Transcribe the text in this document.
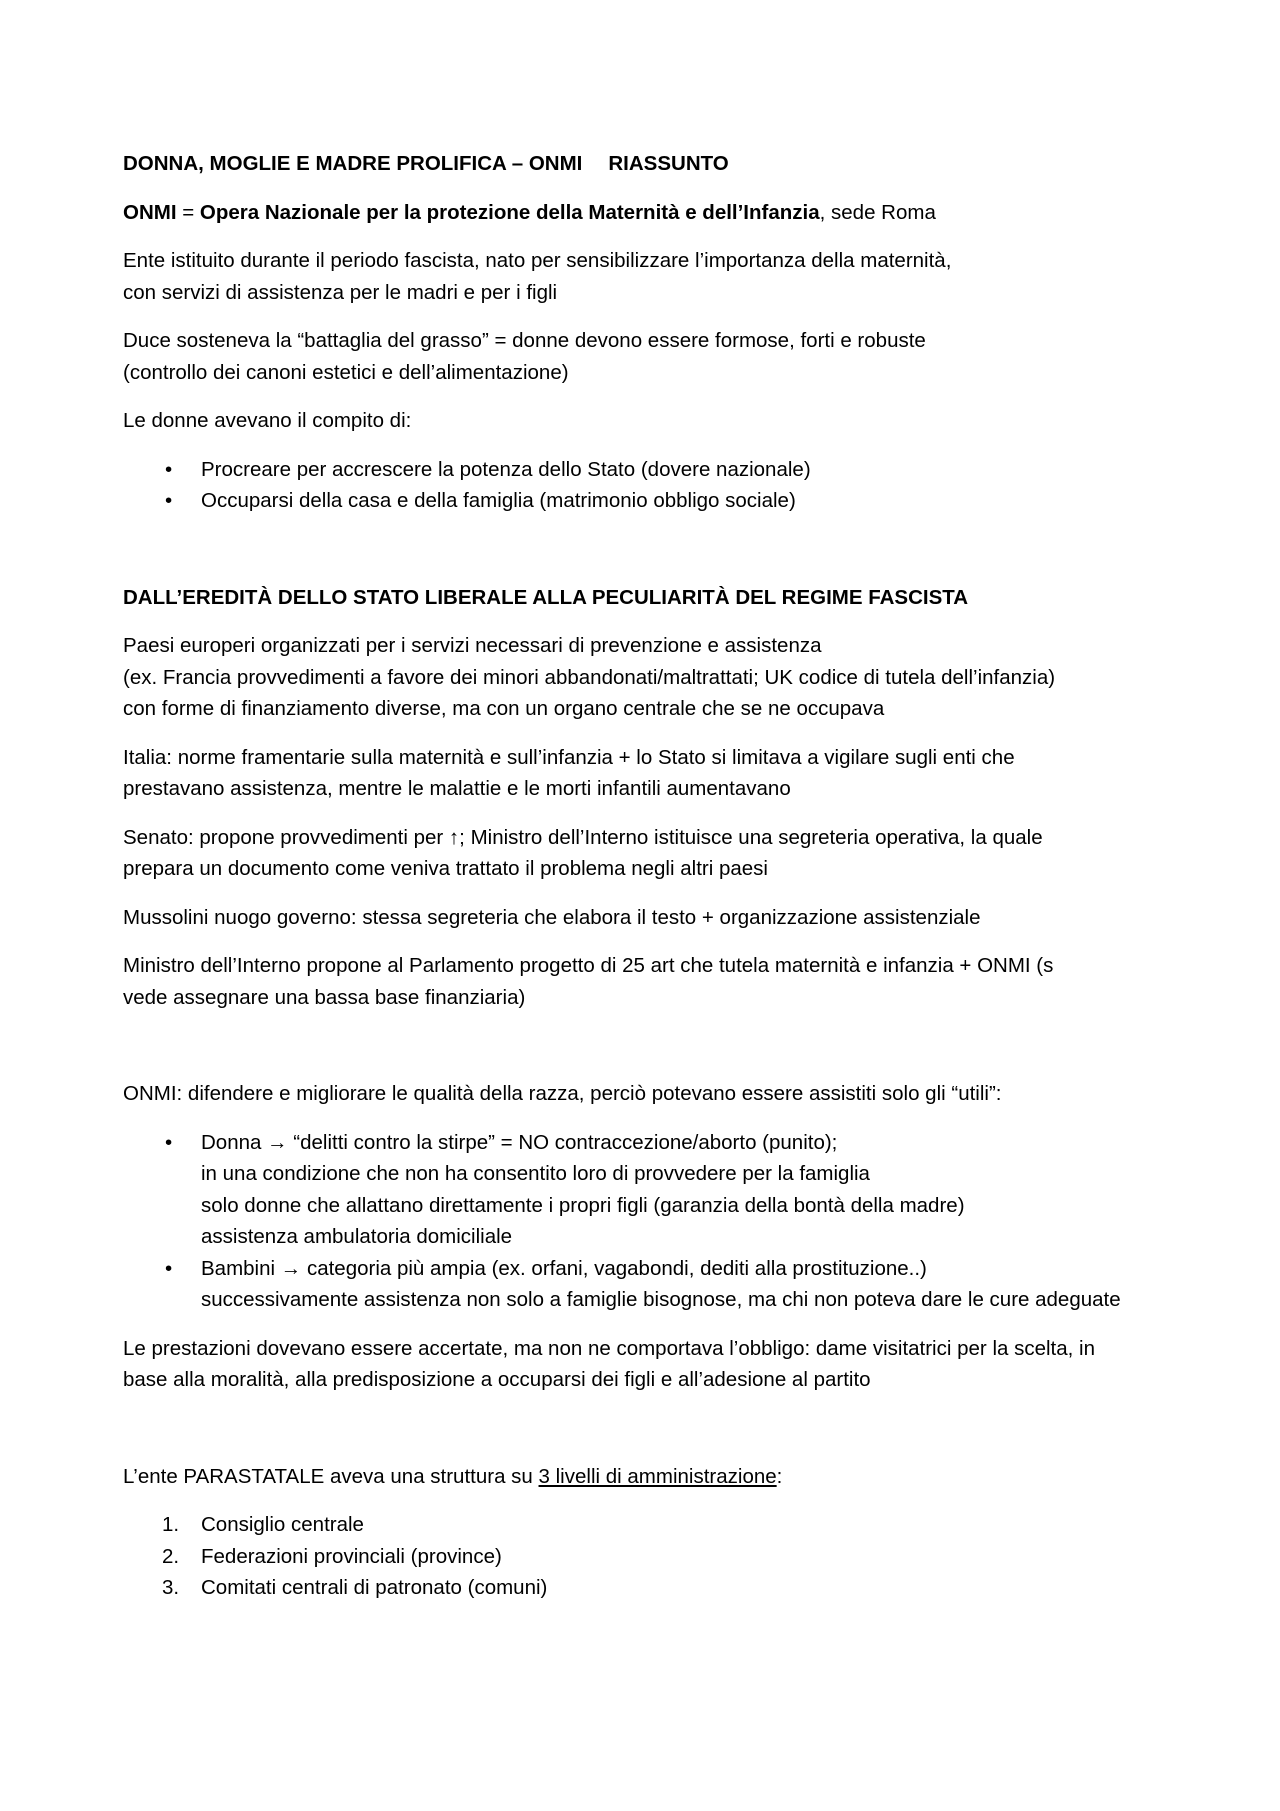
DONNA, MOGLIE E MADRE PROLIFICA – ONMI RIASSUNTO

ONMI = Opera Nazionale per la protezione della Maternità e dell’Infanzia, sede Roma

Ente istituito durante il periodo fascista, nato per sensibilizzare l’importanza della maternità,
con servizi di assistenza per le madri e per i figli

Duce sosteneva la “battaglia del grasso” = donne devono essere formose, forti e robuste
(controllo dei canoni estetici e dell’alimentazione)

Le donne avevano il compito di:

• Procreare per accrescere la potenza dello Stato (dovere nazionale)
• Occuparsi della casa e della famiglia (matrimonio obbligo sociale)

DALL’EREDITÀ DELLO STATO LIBERALE ALLA PECULIARITÀ DEL REGIME FASCISTA

Paesi europeri organizzati per i servizi necessari di prevenzione e assistenza
(ex. Francia provvedimenti a favore dei minori abbandonati/maltrattati; UK codice di tutela dell’infanzia)
con forme di finanziamento diverse, ma con un organo centrale che se ne occupava

Italia: norme framentarie sulla maternità e sull’infanzia + lo Stato si limitava a vigilare sugli enti che
prestavano assistenza, mentre le malattie e le morti infantili aumentavano

Senato: propone provvedimenti per ↑; Ministro dell’Interno istituisce una segreteria operativa, la quale
prepara un documento come veniva trattato il problema negli altri paesi

Mussolini nuogo governo: stessa segreteria che elabora il testo + organizzazione assistenziale

Ministro dell’Interno propone al Parlamento progetto di 25 art che tutela maternità e infanzia + ONMI (s
vede assegnare una bassa base finanziaria)

ONMI: difendere e migliorare le qualità della razza, perciò potevano essere assistiti solo gli “utili”:

• Donna → “delitti contro la stirpe” = NO contraccezione/aborto (punito);
in una condizione che non ha consentito loro di provvedere per la famiglia
solo donne che allattano direttamente i propri figli (garanzia della bontà della madre)
assistenza ambulatoria domiciliale
• Bambini → categoria più ampia (ex. orfani, vagabondi, dediti alla prostituzione..)
successivamente assistenza non solo a famiglie bisognose, ma chi non poteva dare le cure adeguate

Le prestazioni dovevano essere accertate, ma non ne comportava l’obbligo: dame visitatrici per la scelta, in
base alla moralità, alla predisposizione a occuparsi dei figli e all’adesione al partito

L’ente PARASTATALE aveva una struttura su 3 livelli di amministrazione:

1. Consiglio centrale
2. Federazioni provinciali (province)
3. Comitati centrali di patronato (comuni)
